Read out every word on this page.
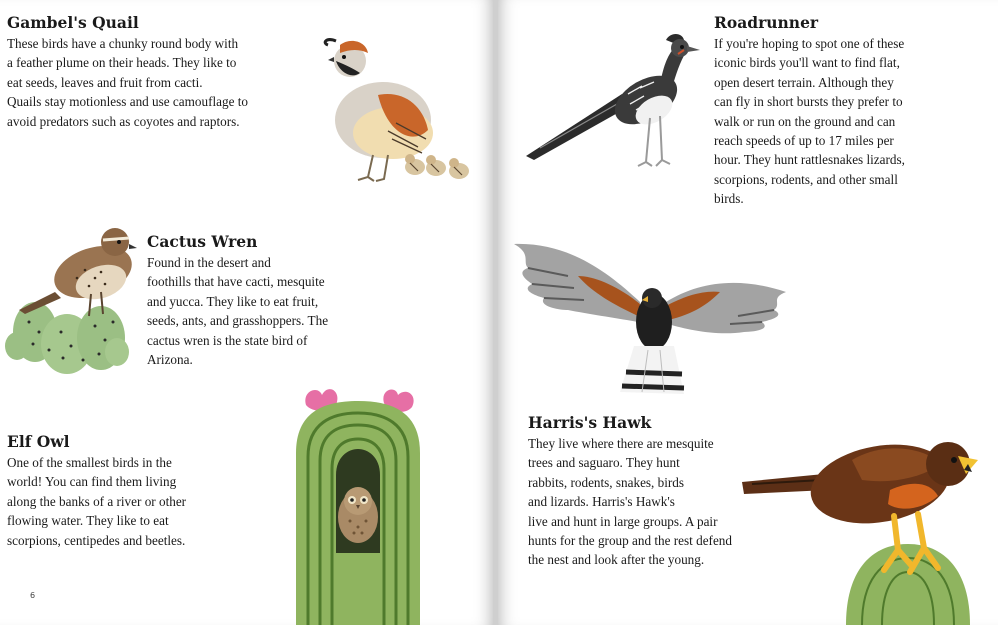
Gambel's Quail

These birds have a chunky round body with
a feather plume on their heads. They like to
eat seeds, leaves and fruit from cacti.
Quails stay motionless and use camouflage to
avoid predators such as coyotes and raptors.

Cactus Wren

Found in the desert and
foothills that have cacti, mesquite
and yucca. They like to eat fruit,
seeds, ants, and grasshoppers. The
cactus wren is the state bird of
Arizona.

Elf Owl

One of the smallest birds in the
world! You can find them living
along the banks of a river or other
flowing water. They like to eat
scorpions, centipedes and beetles.

6
Roadrunner

If you're hoping to spot one of these
iconic birds you'll want to find flat,
open desert terrain. Although they
can fly in short bursts they prefer to
walk or run on the ground and can
reach speeds of up to 17 miles per
hour. They hunt rattlesnakes lizards,
scorpions, rodents, and other small
birds.

Harris's Hawk

They live where there are mesquite
trees and saguaro. They hunt
rabbits, rodents, snakes, birds
and lizards. Harris's Hawk's
live and hunt in large groups. A pair
hunts for the group and the rest defend
the nest and look after the young.
